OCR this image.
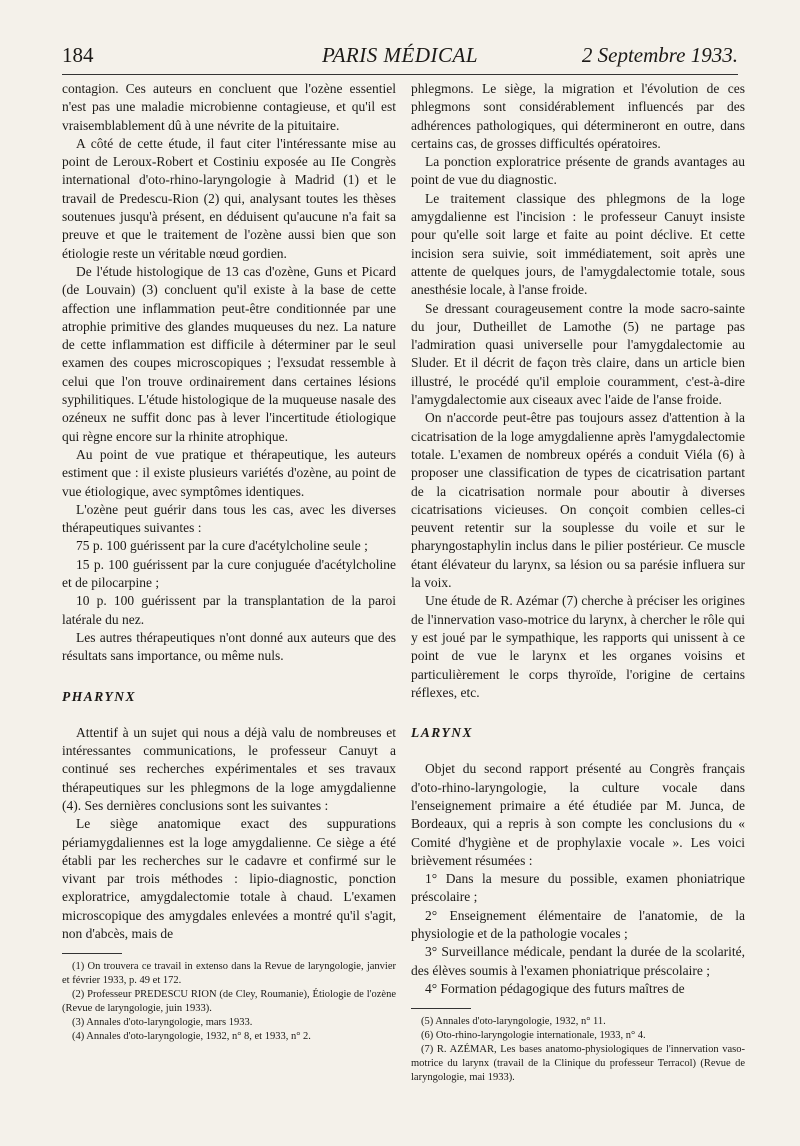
184	PARIS MÉDICAL	2 Septembre 1933.

contagion. Ces auteurs en concluent que l'ozène essentiel n'est pas une maladie microbienne contagieuse, et qu'il est vraisemblablement dû à une névrite de la pituitaire.

A côté de cette étude, il faut citer l'intéressante mise au point de Leroux-Robert et Costiniu exposée au IIe Congrès international d'oto-rhino-laryngologie à Madrid (1) et le travail de Predescu-Rion (2) qui, analysant toutes les thèses soutenues jusqu'à présent, en déduisent qu'aucune n'a fait sa preuve et que le traitement de l'ozène aussi bien que son étiologie reste un véritable nœud gordien.

De l'étude histologique de 13 cas d'ozène, Guns et Picard (de Louvain) (3) concluent qu'il existe à la base de cette affection une inflammation peut-être conditionnée par une atrophie primitive des glandes muqueuses du nez. La nature de cette inflammation est difficile à déterminer par le seul examen des coupes microscopiques ; l'exsudat ressemble à celui que l'on trouve ordinairement dans certaines lésions syphilitiques. L'étude histologique de la muqueuse nasale des ozéneux ne suffit donc pas à lever l'incertitude étiologique qui règne encore sur la rhinite atrophique.

Au point de vue pratique et thérapeutique, les auteurs estiment que : il existe plusieurs variétés d'ozène, au point de vue étiologique, avec symptômes identiques.

L'ozène peut guérir dans tous les cas, avec les diverses thérapeutiques suivantes :

75 p. 100 guérissent par la cure d'acétylcholine seule ;

15 p. 100 guérissent par la cure conjuguée d'acétylcholine et de pilocarpine ;

10 p. 100 guérissent par la transplantation de la paroi latérale du nez.

Les autres thérapeutiques n'ont donné aux auteurs que des résultats sans importance, ou même nuls.

PHARYNX

Attentif à un sujet qui nous a déjà valu de nombreuses et intéressantes communications, le professeur Canuyt a continué ses recherches expérimentales et ses travaux thérapeutiques sur les phlegmons de la loge amygdalienne (4). Ses dernières conclusions sont les suivantes :

Le siège anatomique exact des suppurations périamygdaliennes est la loge amygdalienne. Ce siège a été établi par les recherches sur le cadavre et confirmé sur le vivant par trois méthodes : lipio-diagnostic, ponction exploratrice, amygdalectomie totale à chaud. L'examen microscopique des amygdales enlevées a montré qu'il s'agit, non d'abcès, mais de

(1) On trouvera ce travail in extenso dans la Revue de laryngologie, janvier et février 1933, p. 49 et 172.

(2) Professeur PREDESCU RION (de Cley, Roumanie), Étiologie de l'ozène (Revue de laryngologie, juin 1933).

(3) Annales d'oto-laryngologie, mars 1933.

(4) Annales d'oto-laryngologie, 1932, n° 8, et 1933, n° 2.

phlegmons. Le siège, la migration et l'évolution de ces phlegmons sont considérablement influencés par des adhérences pathologiques, qui détermineront en outre, dans certains cas, de grosses difficultés opératoires.

La ponction exploratrice présente de grands avantages au point de vue du diagnostic.

Le traitement classique des phlegmons de la loge amygdalienne est l'incision : le professeur Canuyt insiste pour qu'elle soit large et faite au point déclive. Et cette incision sera suivie, soit immédiatement, soit après une attente de quelques jours, de l'amygdalectomie totale, sous anesthésie locale, à l'anse froide.

Se dressant courageusement contre la mode sacro-sainte du jour, Dutheillet de Lamothe (5) ne partage pas l'admiration quasi universelle pour l'amygdalectomie au Sluder. Et il décrit de façon très claire, dans un article bien illustré, le procédé qu'il emploie couramment, c'est-à-dire l'amygdalectomie aux ciseaux avec l'aide de l'anse froide.

On n'accorde peut-être pas toujours assez d'attention à la cicatrisation de la loge amygdalienne après l'amygdalectomie totale. L'examen de nombreux opérés a conduit Viéla (6) à proposer une classification de types de cicatrisation partant de la cicatrisation normale pour aboutir à diverses cicatrisations vicieuses. On conçoit combien celles-ci peuvent retentir sur la souplesse du voile et sur le pharyngostaphylin inclus dans le pilier postérieur. Ce muscle étant élévateur du larynx, sa lésion ou sa parésie influera sur la voix.

Une étude de R. Azémar (7) cherche à préciser les origines de l'innervation vaso-motrice du larynx, à chercher le rôle qui y est joué par le sympathique, les rapports qui unissent à ce point de vue le larynx et les organes voisins et particulièrement le corps thyroïde, l'origine de certains réflexes, etc.

LARYNX

Objet du second rapport présenté au Congrès français d'oto-rhino-laryngologie, la culture vocale dans l'enseignement primaire a été étudiée par M. Junca, de Bordeaux, qui a repris à son compte les conclusions du « Comité d'hygiène et de prophylaxie vocale ». Les voici brièvement résumées :

1° Dans la mesure du possible, examen phoniatrique préscolaire ;

2° Enseignement élémentaire de l'anatomie, de la physiologie et de la pathologie vocales ;

3° Surveillance médicale, pendant la durée de la scolarité, des élèves soumis à l'examen phoniatrique préscolaire ;

4° Formation pédagogique des futurs maîtres de

(5) Annales d'oto-laryngologie, 1932, n° 11.

(6) Oto-rhino-laryngologie internationale, 1933, n° 4.

(7) R. AZÉMAR, Les bases anatomo-physiologiques de l'innervation vaso-motrice du larynx (travail de la Clinique du professeur Terracol) (Revue de laryngologie, mai 1933).
